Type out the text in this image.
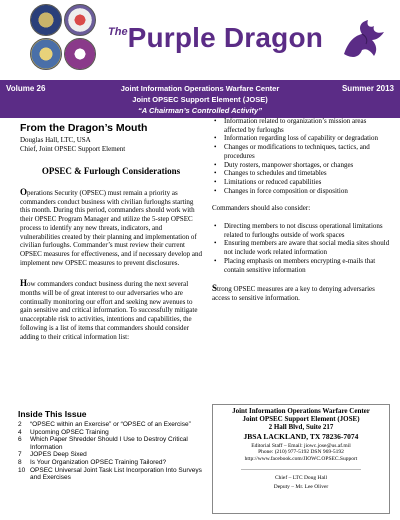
$^{The}$Purple Dragon
Volume 26	Joint Information Operations Warfare Center	Summer 2013
Joint OPSEC Support Element (JOSE)
“A Chairman’s Controlled Activity”
From the Dragon’s Mouth
Douglas Hall, LTC, USA
Chief, Joint OPSEC Support Element
OPSEC & Furlough Considerations

Operations Security (OPSEC) must remain a priority as commanders conduct business with civilian furloughs starting this month. During this period, commanders should work with their OPSEC Program Manager and utilize the 5-step OPSEC process to identify any new threats, indicators, and vulnerabilities created by their planning and implementation of civilian furloughs. Commander’s must review their current OPSEC measures for effectiveness, and if necessary develop and implement new OPSEC measures to prevent disclosures.

How commanders conduct business during the next several months will be of great interest to our adversaries who are continually monitoring our effort and seeking new avenues to gain sensitive and critical information. To successfully mitigate unacceptable risk to activities, intentions and capabilities, the following is a list of items that commanders should consider adding to their critical information list:

• Information related to organization’s mission areas affected by furloughs
• Information regarding loss of capability or degradation
• Changes or modifications to techniques, tactics, and procedures
• Duty rosters, manpower shortages, or changes
• Changes to schedules and timetables
• Limitations or reduced capabilities
• Changes in force composition or disposition

Commanders should also consider:

• Directing members to not discuss operational limitations related to furloughs outside of work spaces
• Ensuring members are aware that social media sites should not include work related information
• Placing emphasis on members encrypting e-mails that contain sensitive information

Strong OPSEC measures are a key to denying adversaries access to sensitive information.

Inside This Issue
2	“OPSEC within an Exercise” or “OPSEC of an Exercise”
4	Upcoming OPSEC Training
6	Which Paper Shredder Should I Use to Destroy Critical Information
7	JOPES Deep Sixed
8	Is Your Organization OPSEC Training Tailored?
10 OPSEC Universal Joint Task List Incorporation Into Surveys and Exercises
Joint Information Operations Warfare Center
Joint OPSEC Support Element (JOSE)
2 Hall Blvd, Suite 217
JBSA LACKLAND, TX 78236-7074
Editorial Staff – Email: jiowc.jose@us.af.mil
Phone: (210) 977-5192 DSN 969-5192
http://www.facebook.com/JIOWC.OPSEC.Support
Chief – LTC Doug Hall
Deputy – Mr. Lee Oliver
